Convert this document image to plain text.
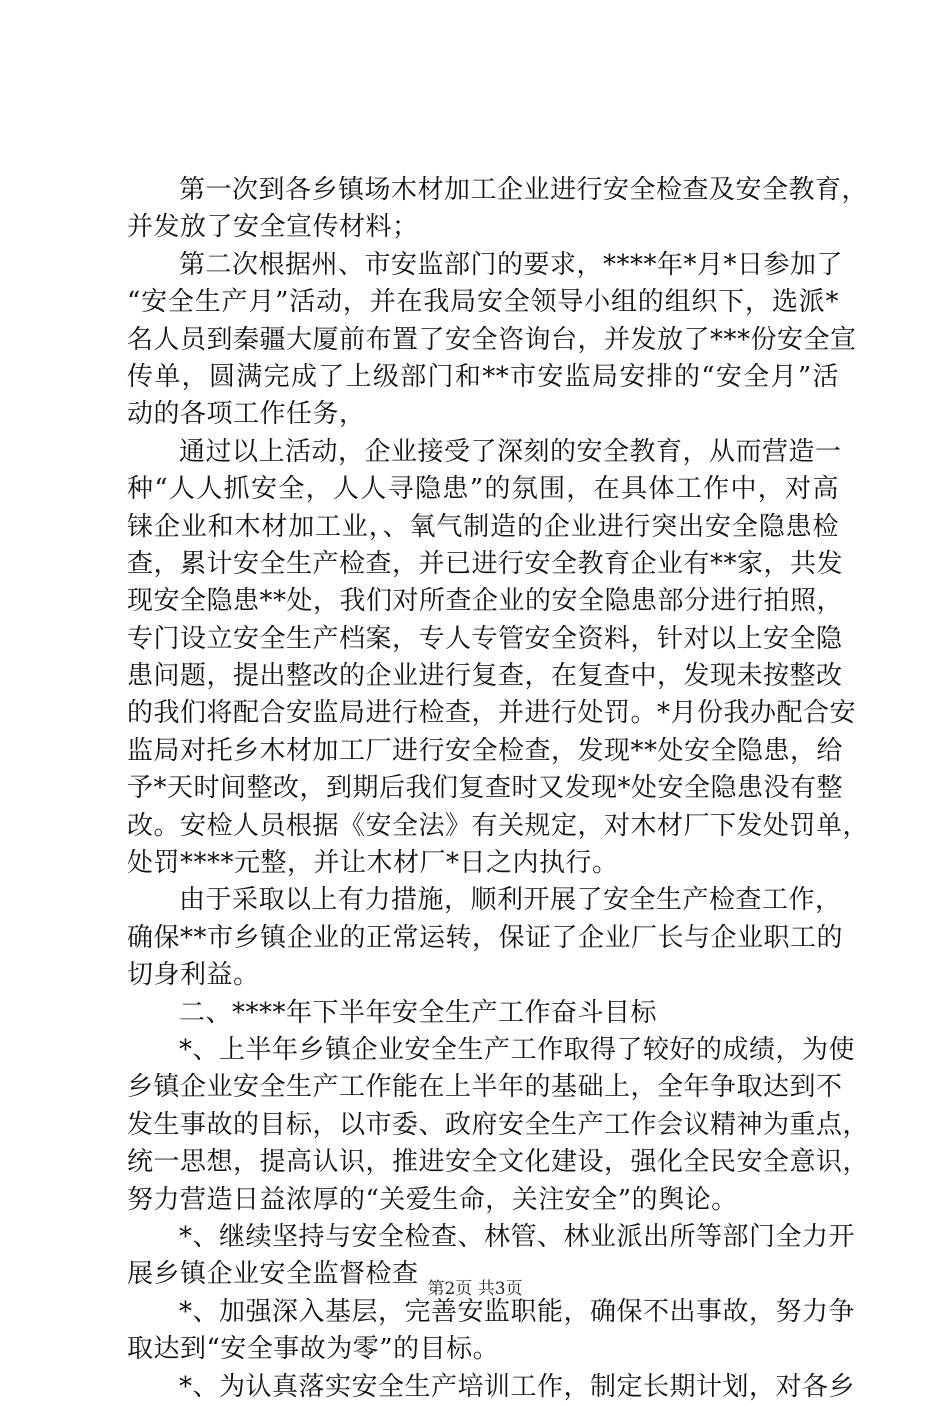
第一次到各乡镇场木材加工企业进行安全检查及安全教育，
并发放了安全宣传材料；
第二次根据州、市安监部门的要求，****年*月*日参加了
“安全生产月”活动，并在我局安全领导小组的组织下，选派*
名人员到秦疆大厦前布置了安全咨询台，并发放了***份安全宣
传单，圆满完成了上级部门和**市安监局安排的“安全月”活
动的各项工作任务，
通过以上活动，企业接受了深刻的安全教育，从而营造一
种“人人抓安全，人人寻隐患”的氛围，在具体工作中，对高
铼企业和木材加工业，、氧气制造的企业进行突出安全隐患检
查，累计安全生产检查，并已进行安全教育企业有**家，共发
现安全隐患**处，我们对所查企业的安全隐患部分进行拍照，
专门设立安全生产档案，专人专管安全资料，针对以上安全隐
患问题，提出整改的企业进行复查，在复查中，发现未按整改
的我们将配合安监局进行检查，并进行处罚。*月份我办配合安
监局对托乡木材加工厂进行安全检查，发现**处安全隐患，给
予*天时间整改，到期后我们复查时又发现*处安全隐患没有整
改。安检人员根据《安全法》有关规定，对木材厂下发处罚单，
处罚****元整，并让木材厂*日之内执行。
由于采取以上有力措施，顺利开展了安全生产检查工作，
确保**市乡镇企业的正常运转，保证了企业厂长与企业职工的
切身利益。
二、****年下半年安全生产工作奋斗目标
*、上半年乡镇企业安全生产工作取得了较好的成绩，为使
乡镇企业安全生产工作能在上半年的基础上，全年争取达到不
发生事故的目标，以市委、政府安全生产工作会议精神为重点，
统一思想，提高认识，推进安全文化建设，强化全民安全意识，
努力营造日益浓厚的“关爱生命，关注安全”的舆论。
*、继续坚持与安全检查、林管、林业派出所等部门全力开
展乡镇企业安全监督检查
*、加强深入基层，完善安监职能，确保不出事故，努力争
取达到“安全事故为零”的目标。
*、为认真落实安全生产培训工作，制定长期计划，对各乡
第2页 共3页
